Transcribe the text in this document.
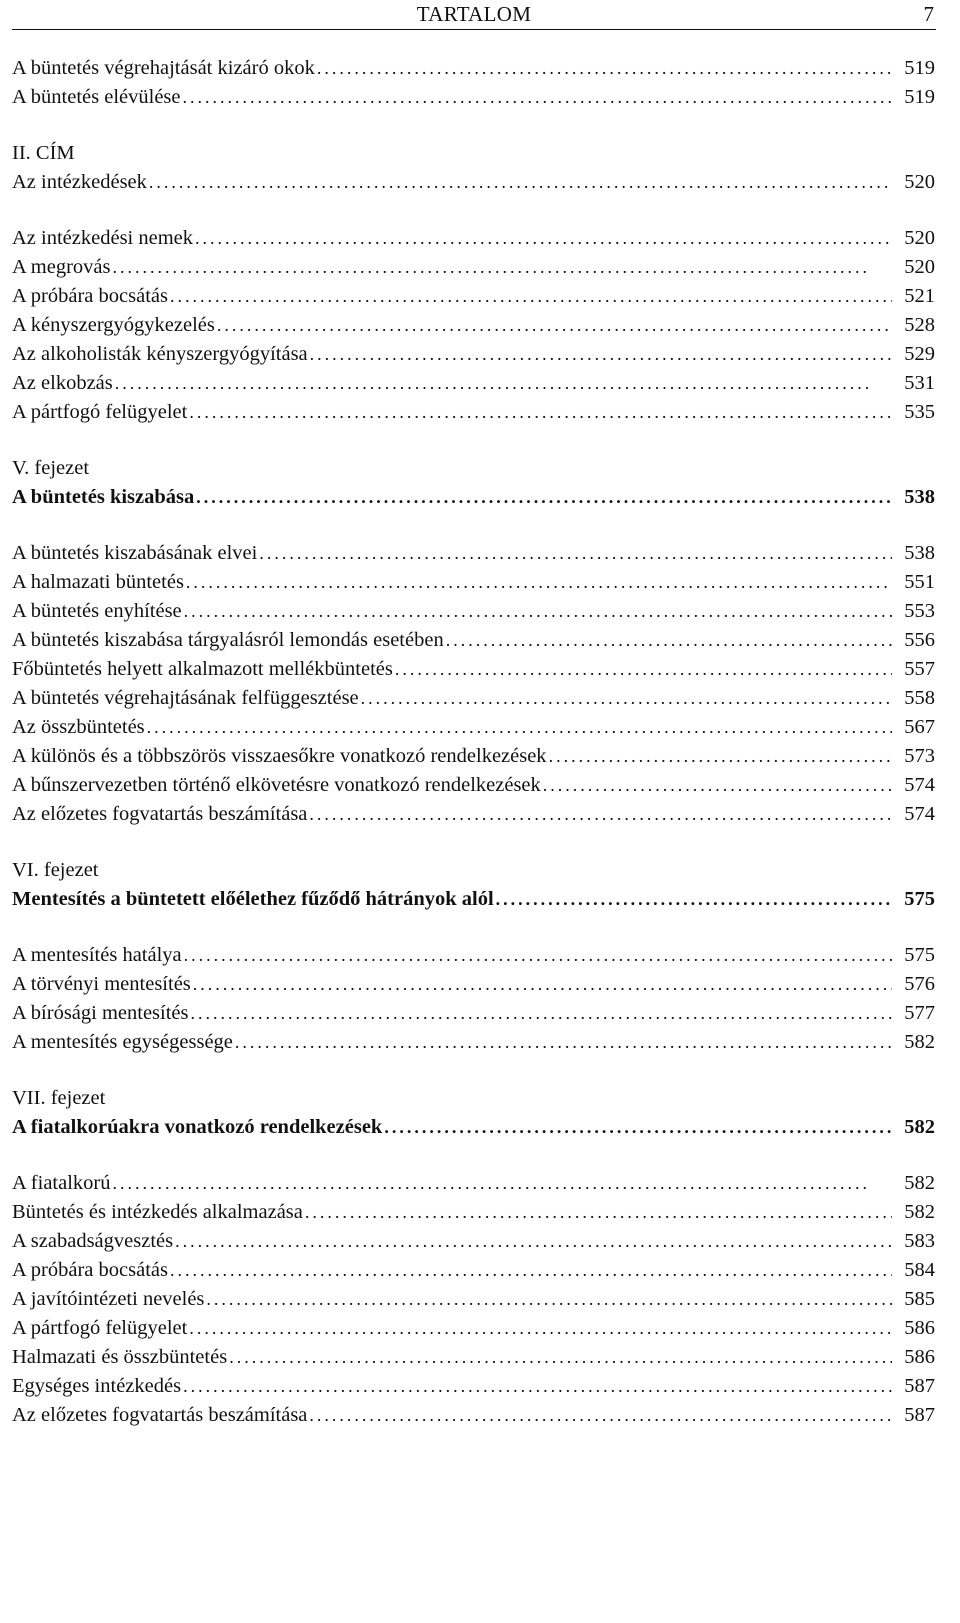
TARTALOM	7
A büntetés végrehajtását kizáró okok . . .	519
A büntetés elévülése . . .	519
II. CÍM
Az intézkedések . . .	520
Az intézkedési nemek . . .	520
A megrovás . . .	520
A próbára bocsátás . . .	521
A kényszergyógykezelés . . .	528
Az alkoholisták kényszergyógyítása . . .	529
Az elkobzás . . .	531
A pártfogó felügyelet . . .	535
V. fejezet
A büntetés kiszabása . . .	538
A büntetés kiszabásának elvei . . .	538
A halmazati büntetés . . .	551
A büntetés enyhítése . . .	553
A büntetés kiszabása tárgyalásról lemondás esetében . . .	556
Főbüntetés helyett alkalmazott mellékbüntetés . . .	557
A büntetés végrehajtásának felfüggesztése . . .	558
Az összbüntetés . . .	567
A különös és a többszörös visszaesőkre vonatkozó rendelkezések . . .	573
A bűnszervezetben történő elkövetésre vonatkozó rendelkezések . . .	574
Az előzetes fogvatartás beszámítása . . .	574
VI. fejezet
Mentesítés a büntetett előélethez fűződő hátrányok alól . . .	575
A mentesítés hatálya . . .	575
A törvényi mentesítés . . .	576
A bírósági mentesítés . . .	577
A mentesítés egységessége . . .	582
VII. fejezet
A fiatalkorúakra vonatkozó rendelkezések . . .	582
A fiatalkorú . . .	582
Büntetés és intézkedés alkalmazása . . .	582
A szabadságvesztés . . .	583
A próbára bocsátás . . .	584
A javítóintézeti nevelés . . .	585
A pártfogó felügyelet . . .	586
Halmazati és összbüntetés . . .	586
Egységes intézkedés . . .	587
Az előzetes fogvatartás beszámítása . . .	587
